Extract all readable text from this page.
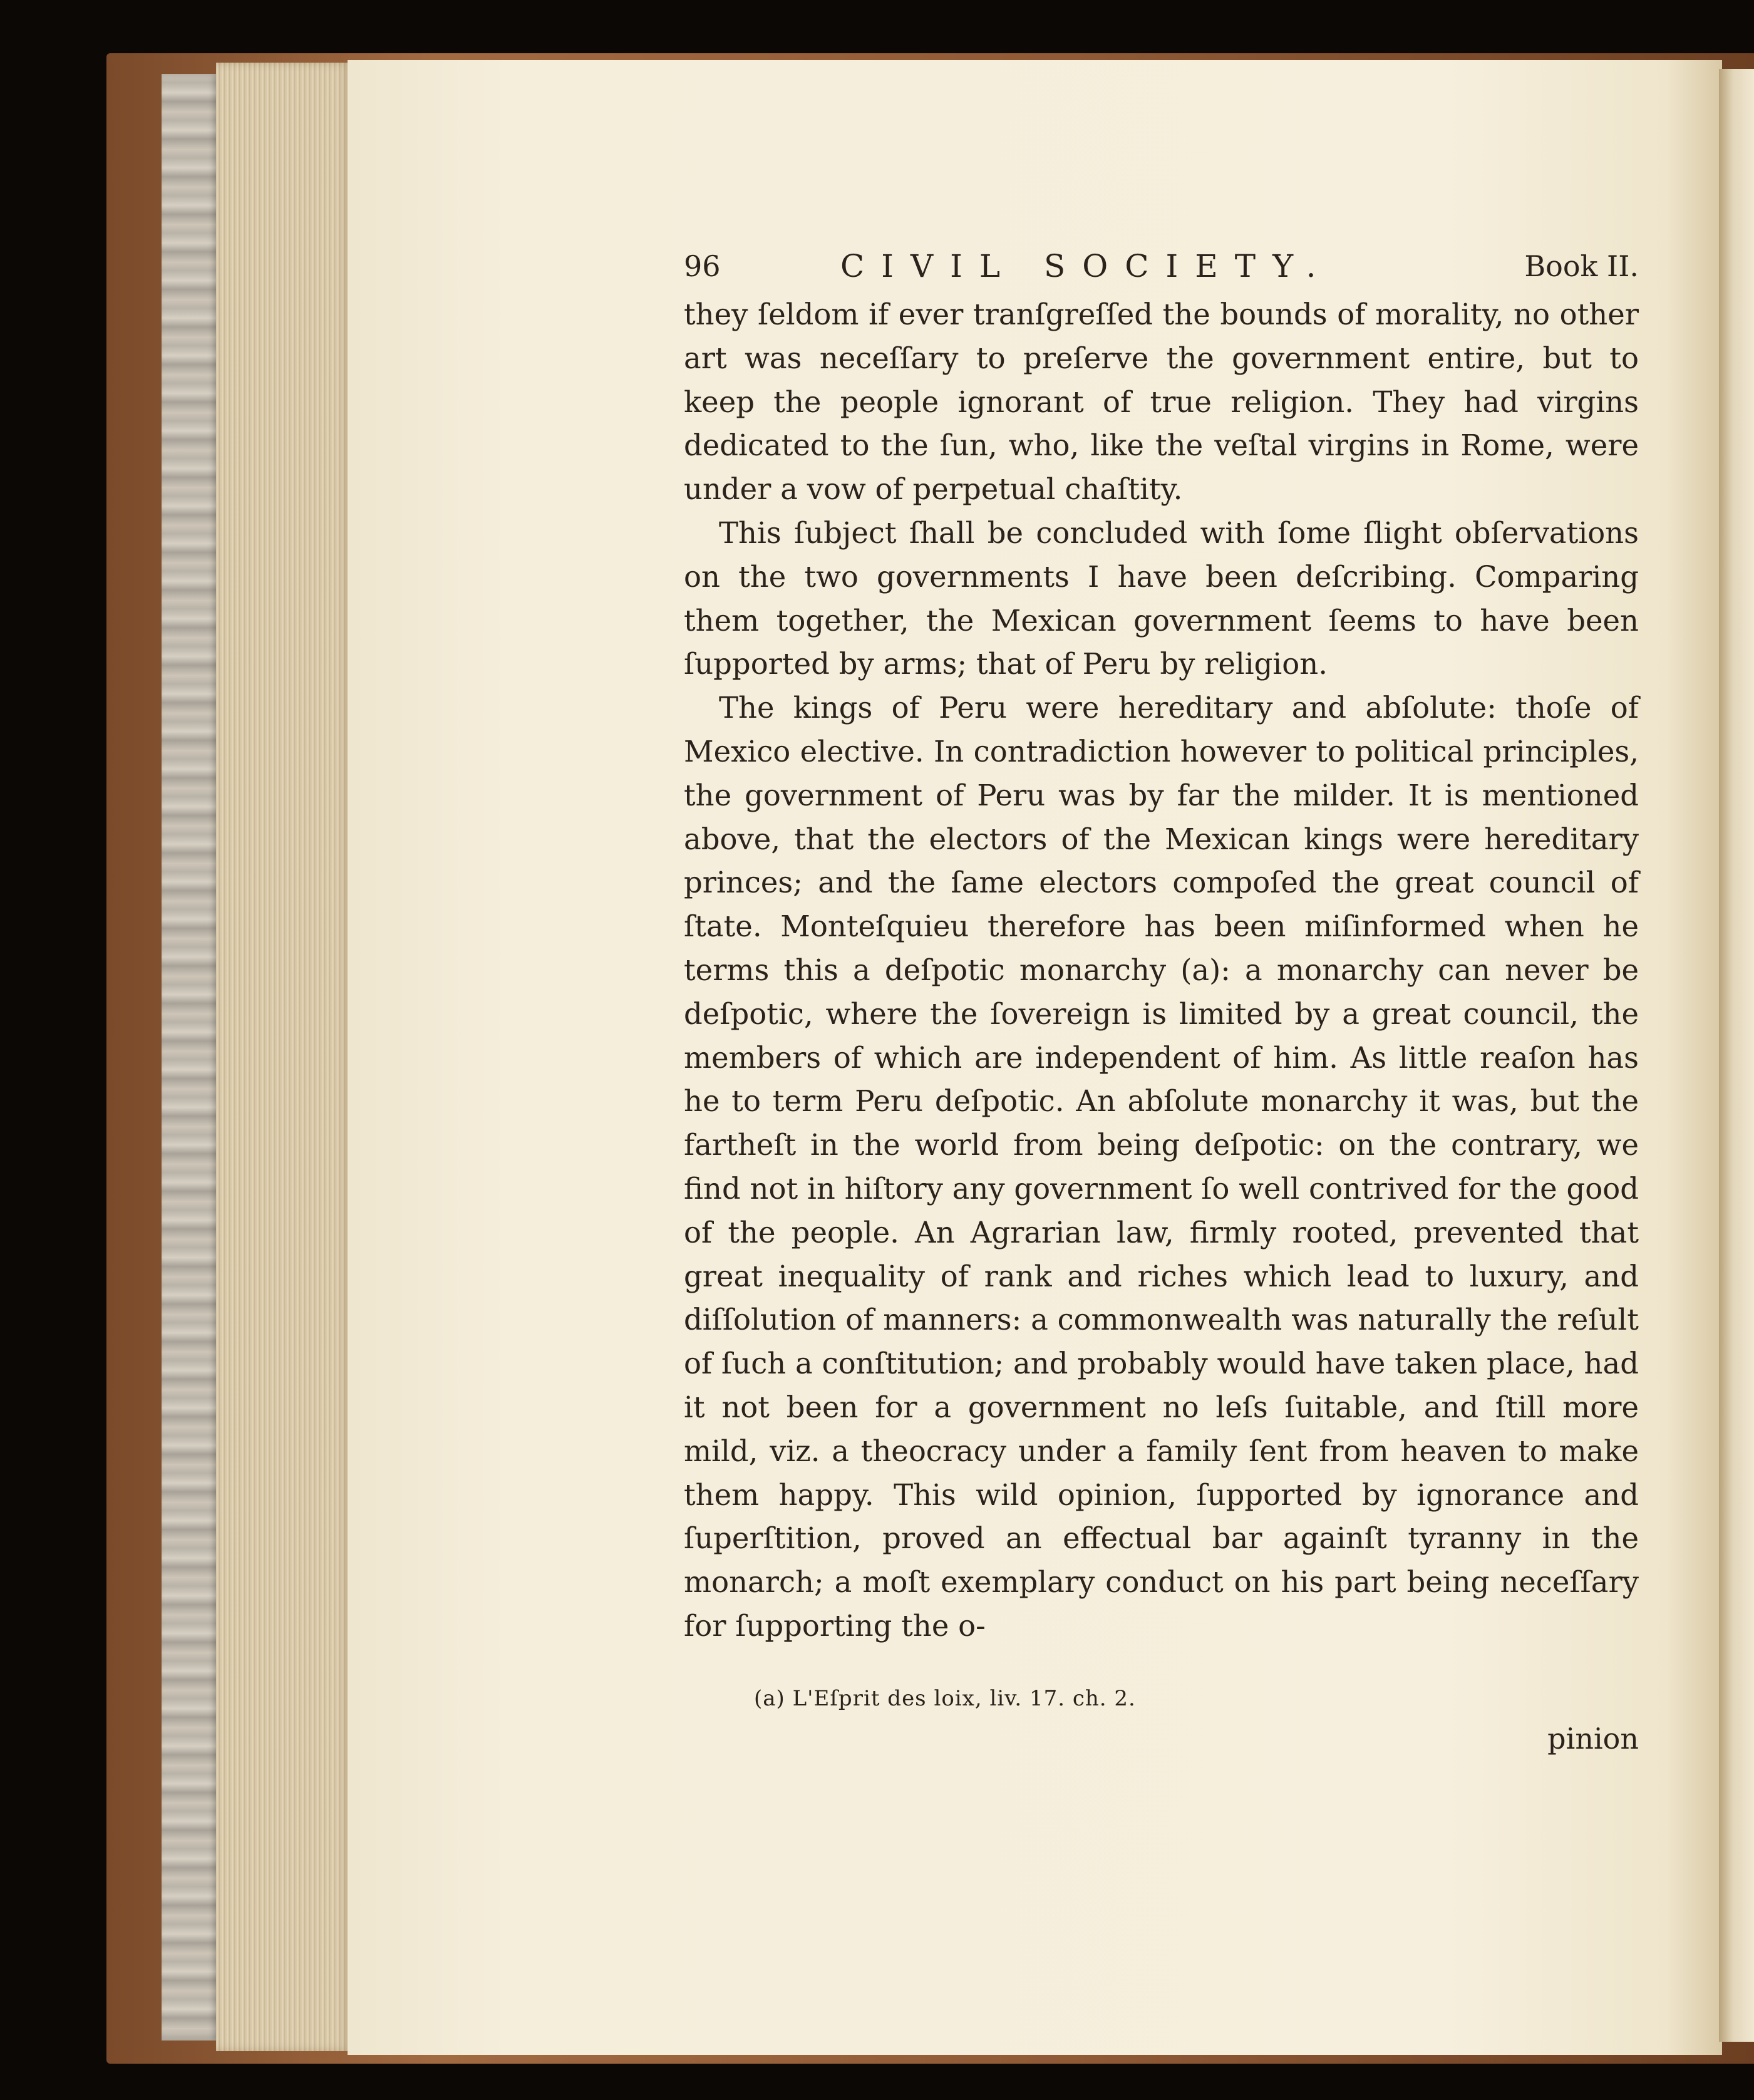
96	CIVIL SOCIETY.	Book II.

they ſeldom if ever tranſgreſſed the bounds of morality, no other art was neceſſary to preſerve the government entire, but to keep the people ignorant of true religion. They had virgins dedicated to the ſun, who, like the veſtal virgins in Rome, were under a vow of perpetual chaſtity.

This ſubject ſhall be concluded with ſome ſlight obſervations on the two governments I have been deſcribing. Comparing them together, the Mexican government ſeems to have been ſupported by arms; that of Peru by religion.

The kings of Peru were hereditary and abſolute: thoſe of Mexico elective. In contradiction however to political principles, the government of Peru was by far the milder. It is mentioned above, that the electors of the Mexican kings were hereditary princes; and the ſame electors compoſed the great council of ſtate. Monteſquieu therefore has been miſinformed when he terms this a deſpotic monarchy (a): a monarchy can never be deſpotic, where the ſovereign is limited by a great council, the members of which are independent of him. As little reaſon has he to term Peru deſpotic. An abſolute monarchy it was, but the fartheſt in the world from being deſpotic: on the contrary, we find not in hiſtory any government ſo well contrived for the good of the people. An Agrarian law, firmly rooted, prevented that great inequality of rank and riches which lead to luxury, and diſſolution of manners: a commonwealth was naturally the reſult of ſuch a conſtitution; and probably would have taken place, had it not been for a government no leſs ſuitable, and ſtill more mild, viz. a theocracy under a family ſent from heaven to make them happy. This wild opinion, ſupported by ignorance and ſuperſtition, proved an effectual bar againſt tyranny in the monarch; a moſt exemplary conduct on his part being neceſſary for ſupporting the o-

(a) L'Eſprit des loix, liv. 17. ch. 2.
pinion
